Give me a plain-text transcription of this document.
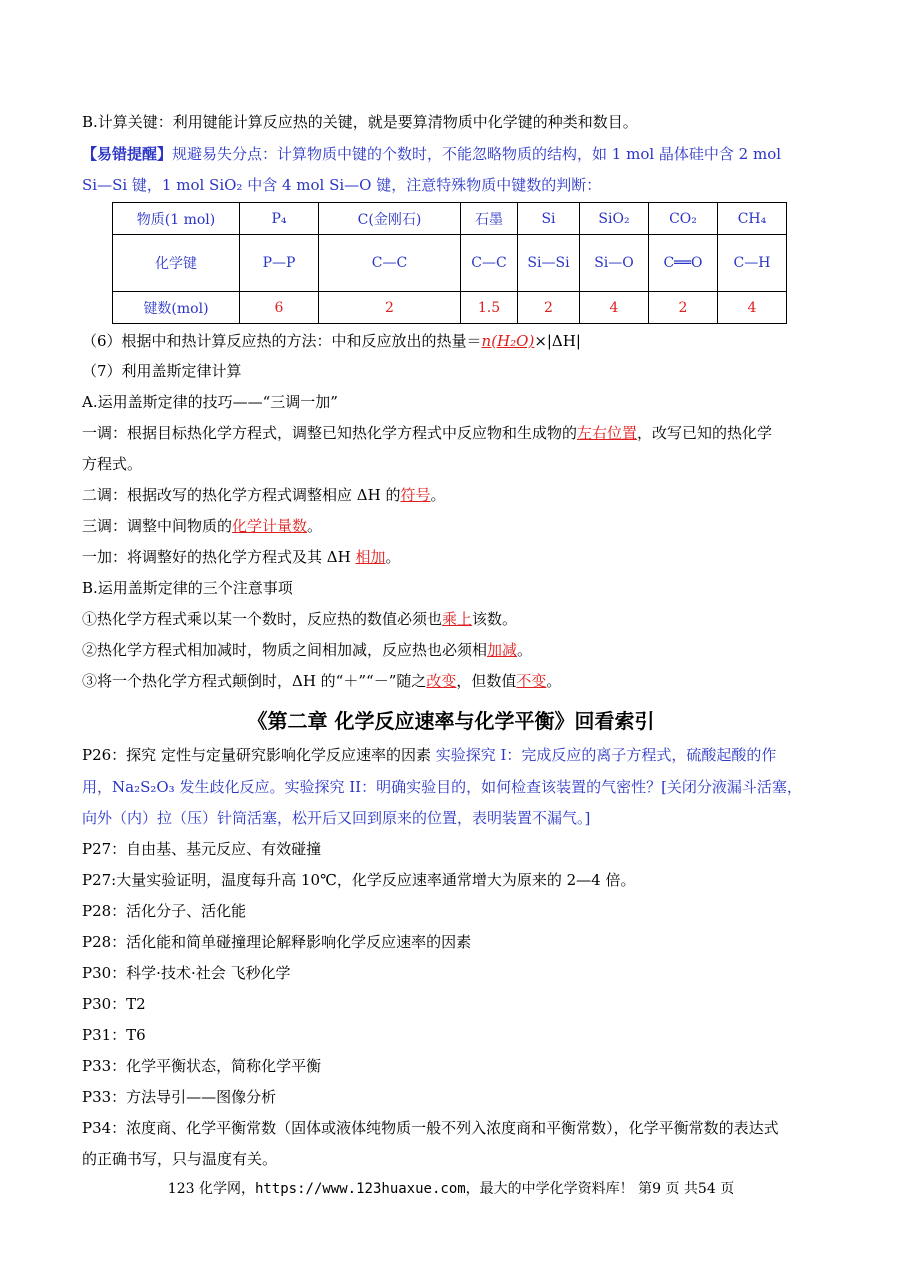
B.计算关键：利用键能计算反应热的关键，就是要算清物质中化学键的种类和数目。
【易错提醒】规避易失分点：计算物质中键的个数时，不能忽略物质的结构，如 1 mol 晶体硅中含 2 mol
Si—Si 键，1 mol SiO₂ 中含 4 mol Si—O 键，注意特殊物质中键数的判断：
物质(1 mol)	P₄	C(金刚石)	石墨	Si	SiO₂	CO₂	CH₄
化学键	P—P	C—C	C—C	Si—Si	Si—O	C══O	C—H
键数(mol)	6	2	1.5	2	4	2	4
（6）根据中和热计算反应热的方法：中和反应放出的热量＝n(H₂O)×|ΔH|
（7）利用盖斯定律计算
A.运用盖斯定律的技巧——“三调一加”
一调：根据目标热化学方程式，调整已知热化学方程式中反应物和生成物的左右位置，改写已知的热化学
方程式。
二调：根据改写的热化学方程式调整相应 ΔH 的符号。
三调：调整中间物质的化学计量数。
一加：将调整好的热化学方程式及其 ΔH 相加。
B.运用盖斯定律的三个注意事项
①热化学方程式乘以某一个数时，反应热的数值必须也乘上该数。
②热化学方程式相加减时，物质之间相加减，反应热也必须相加减。
③将一个热化学方程式颠倒时，ΔH 的“＋”“－”随之改变，但数值不变。
《第二章 化学反应速率与化学平衡》回看索引
P26：探究 定性与定量研究影响化学反应速率的因素 实验探究 I：完成反应的离子方程式，硫酸起酸的作
用，Na₂S₂O₃ 发生歧化反应。实验探究 II：明确实验目的，如何检查该装置的气密性？[关闭分液漏斗活塞，
向外（内）拉（压）针筒活塞，松开后又回到原来的位置，表明装置不漏气。]
P27：自由基、基元反应、有效碰撞
P27:大量实验证明，温度每升高 10℃，化学反应速率通常增大为原来的 2—4 倍。
P28：活化分子、活化能
P28：活化能和简单碰撞理论解释影响化学反应速率的因素
P30：科学·技术·社会 飞秒化学
P30：T2
P31：T6
P33：化学平衡状态，简称化学平衡
P33：方法导引——图像分析
P34：浓度商、化学平衡常数（固体或液体纯物质一般不列入浓度商和平衡常数），化学平衡常数的表达式
的正确书写，只与温度有关。
123 化学网，https://www.123huaxue.com，最大的中学化学资料库！ 第9 页 共54 页
